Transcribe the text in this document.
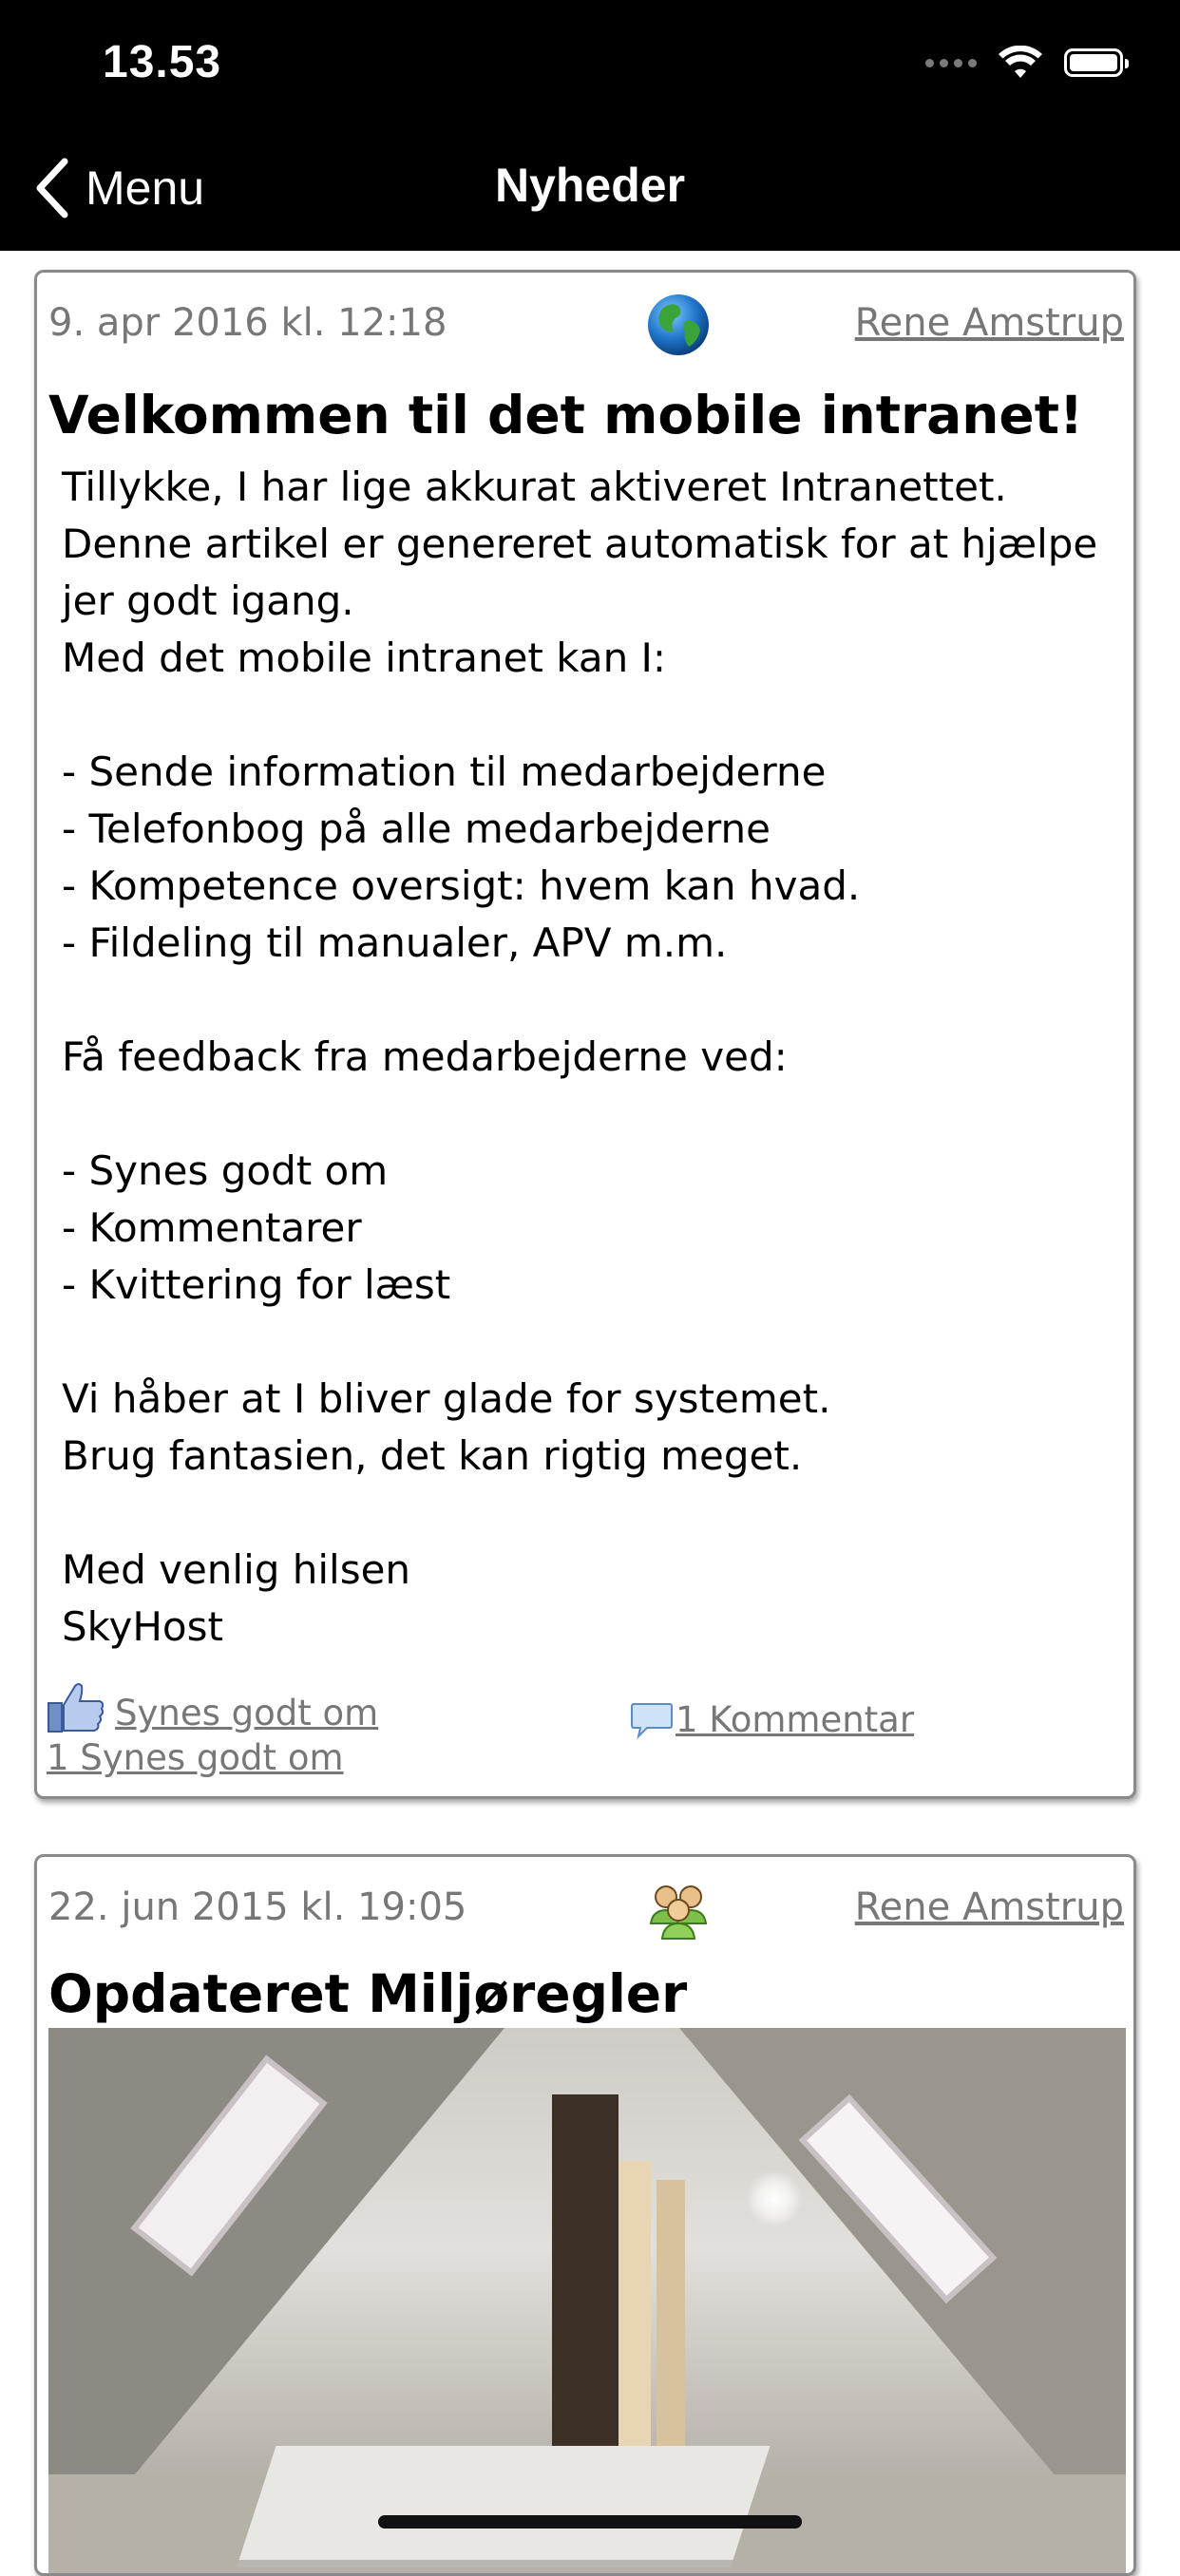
13.53
Menu	Nyheder
9. apr 2016 kl. 12:18	Rene Amstrup
Velkommen til det mobile intranet!
Tillykke, I har lige akkurat aktiveret Intranettet.
Denne artikel er genereret automatisk for at hjælpe jer godt igang.
Med det mobile intranet kan I:

- Sende information til medarbejderne
- Telefonbog på alle medarbejderne
- Kompetence oversigt: hvem kan hvad.
- Fildeling til manualer, APV m.m.

Få feedback fra medarbejderne ved:

- Synes godt om
- Kommentarer
- Kvittering for læst

Vi håber at I bliver glade for systemet.
Brug fantasien, det kan rigtig meget.

Med venlig hilsen
SkyHost
Synes godt om
1 Synes godt om
1 Kommentar
22. jun 2015 kl. 19:05	Rene Amstrup
Opdateret Miljøregler
